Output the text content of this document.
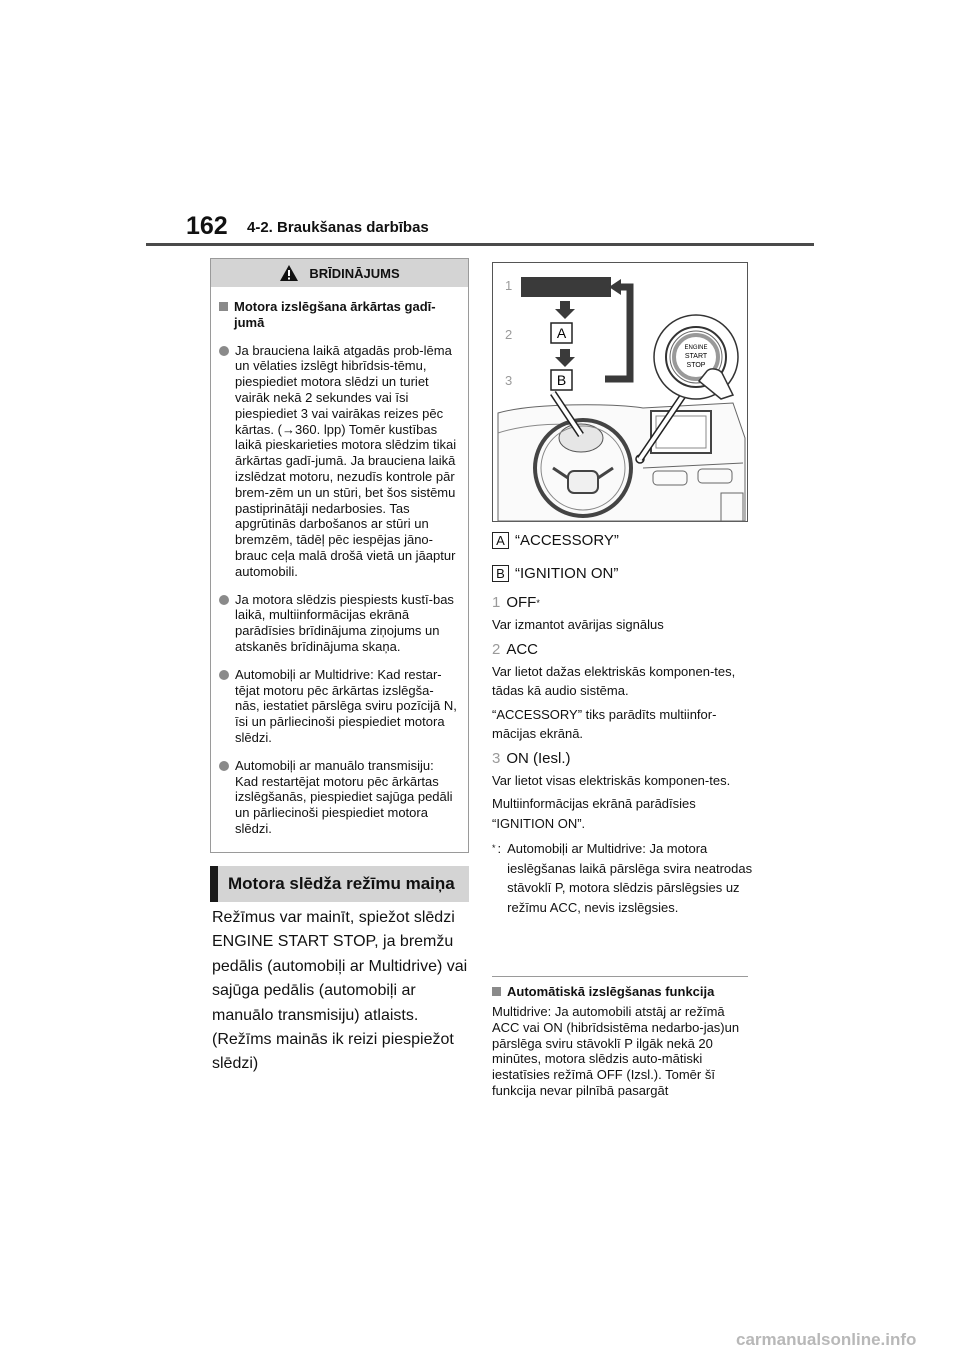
162 4-2. Braukšanas darbības
BRĪDINĀJUMS
Motora izslēgšana ārkārtas gadī-jumā
Ja brauciena laikā atgadās prob-lēma un vēlaties izslēgt hibrīdsis-tēmu, piespiediet motora slēdzi un turiet vairāk nekā 2 sekundes vai īsi piespiediet 3 vai vairākas reizes pēc kārtas. (→360. lpp) Tomēr kustības laikā pieskarieties motora slēdzim tikai ārkārtas gadī-jumā. Ja brauciena laikā izslēdzat motoru, nezudīs kontrole pār brem-zēm un un stūri, bet šos sistēmu pastiprinātāji nedarbosies. Tas apgrūtinās darbošanos ar stūri un bremzēm, tādēļ pēc iespējas jāno-brauc ceļa malā drošā vietā un jāaptur automobili.
Ja motora slēdzis piespiests kustī-bas laikā, multiinformācijas ekrānā parādīsies brīdinājuma ziņojums un atskanēs brīdinājuma skaņa.
Automobiļi ar Multidrive: Kad restar-tējat motoru pēc ārkārtas izslēgša-nās, iestatiet pārslēga sviru pozīcijā N, īsi un pārliecinoši piespiediet motora slēdzi.
Automobiļi ar manuālo transmisiju: Kad restartējat motoru pēc ārkārtas izslēgšanās, piespiediet sajūga pedāli un pārliecinoši piespiediet motora slēdzi.
Motora slēdža režīmu maiņa
Režīmus var mainīt, spiežot slēdzi ENGINE START STOP, ja bremžu pedālis (automobiļi ar Multidrive) vai sajūga pedālis (automobiļi ar manuālo transmisiju) atlaists. (Režīms mainās ik reizi piespiežot slēdzi)
1
2
3
A
B
ENGINE
START
STOP
A “ACCESSORY”
B “IGNITION ON”
1 OFF *
Var izmantot avārijas signālus
2 ACC
Var lietot dažas elektriskās komponen-tes, tādas kā audio sistēma.
“ACCESSORY” tiks parādīts multiinfor-mācijas ekrānā.
3 ON (Iesl.)
Var lietot visas elektriskās komponen-tes.
Multiinformācijas ekrānā parādīsies “IGNITION ON”.
* : Automobiļi ar Multidrive: Ja motora ieslēgšanas laikā pārslēga svira neatrodas stāvoklī P, motora slēdzis pārslēgsies uz režīmu ACC, nevis izslēgsies.
Automātiskā izslēgšanas funkcija
Multidrive: Ja automobili atstāj ar režīmā ACC vai ON (hibrīdsistēma nedarbo-jas)un pārslēga sviru stāvoklī P ilgāk nekā 20 minūtes, motora slēdzis auto-mātiski iestatīsies režīmā OFF (Izsl.). Tomēr šī funkcija nevar pilnībā pasargāt
carmanualsonline.info
